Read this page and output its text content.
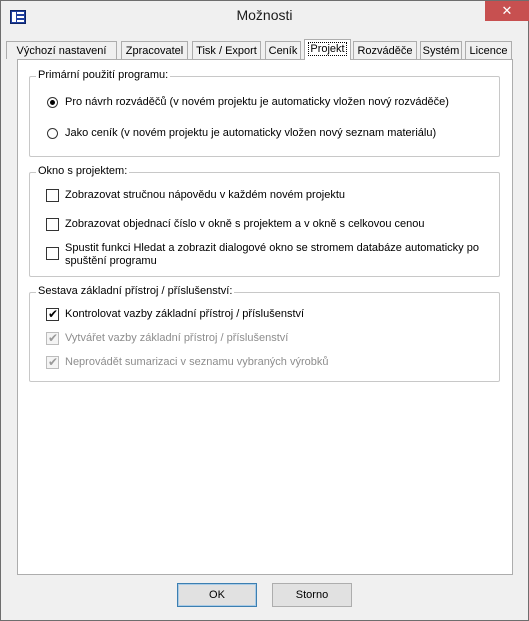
Možnosti	✕
Výchozí nastavení	Zpracovatel	Tisk / Export	Ceník	Projekt	Rozváděče Systém Licence
Primární použití programu:
Pro návrh rozváděčů (v novém projektu je automaticky vložen nový rozváděče)
Jako ceník (v novém projektu je automaticky vložen nový seznam materiálu)
Okno s projektem:
Zobrazovat stručnou nápovědu v každém novém projektu
Zobrazovat objednací číslo v okně s projektem a v okně s celkovou cenou
Spustit funkci Hledat a zobrazit dialogové okno se stromem databáze automaticky po
spuštění programu
Sestava základní přístroj / příslušenství:
✔ Kontrolovat vazby základní přístroj / příslušenství
✔ Vytvářet vazby základní přístroj / příslušenství
✔ Neprovádět sumarizaci v seznamu vybraných výrobků
OK	Storno
